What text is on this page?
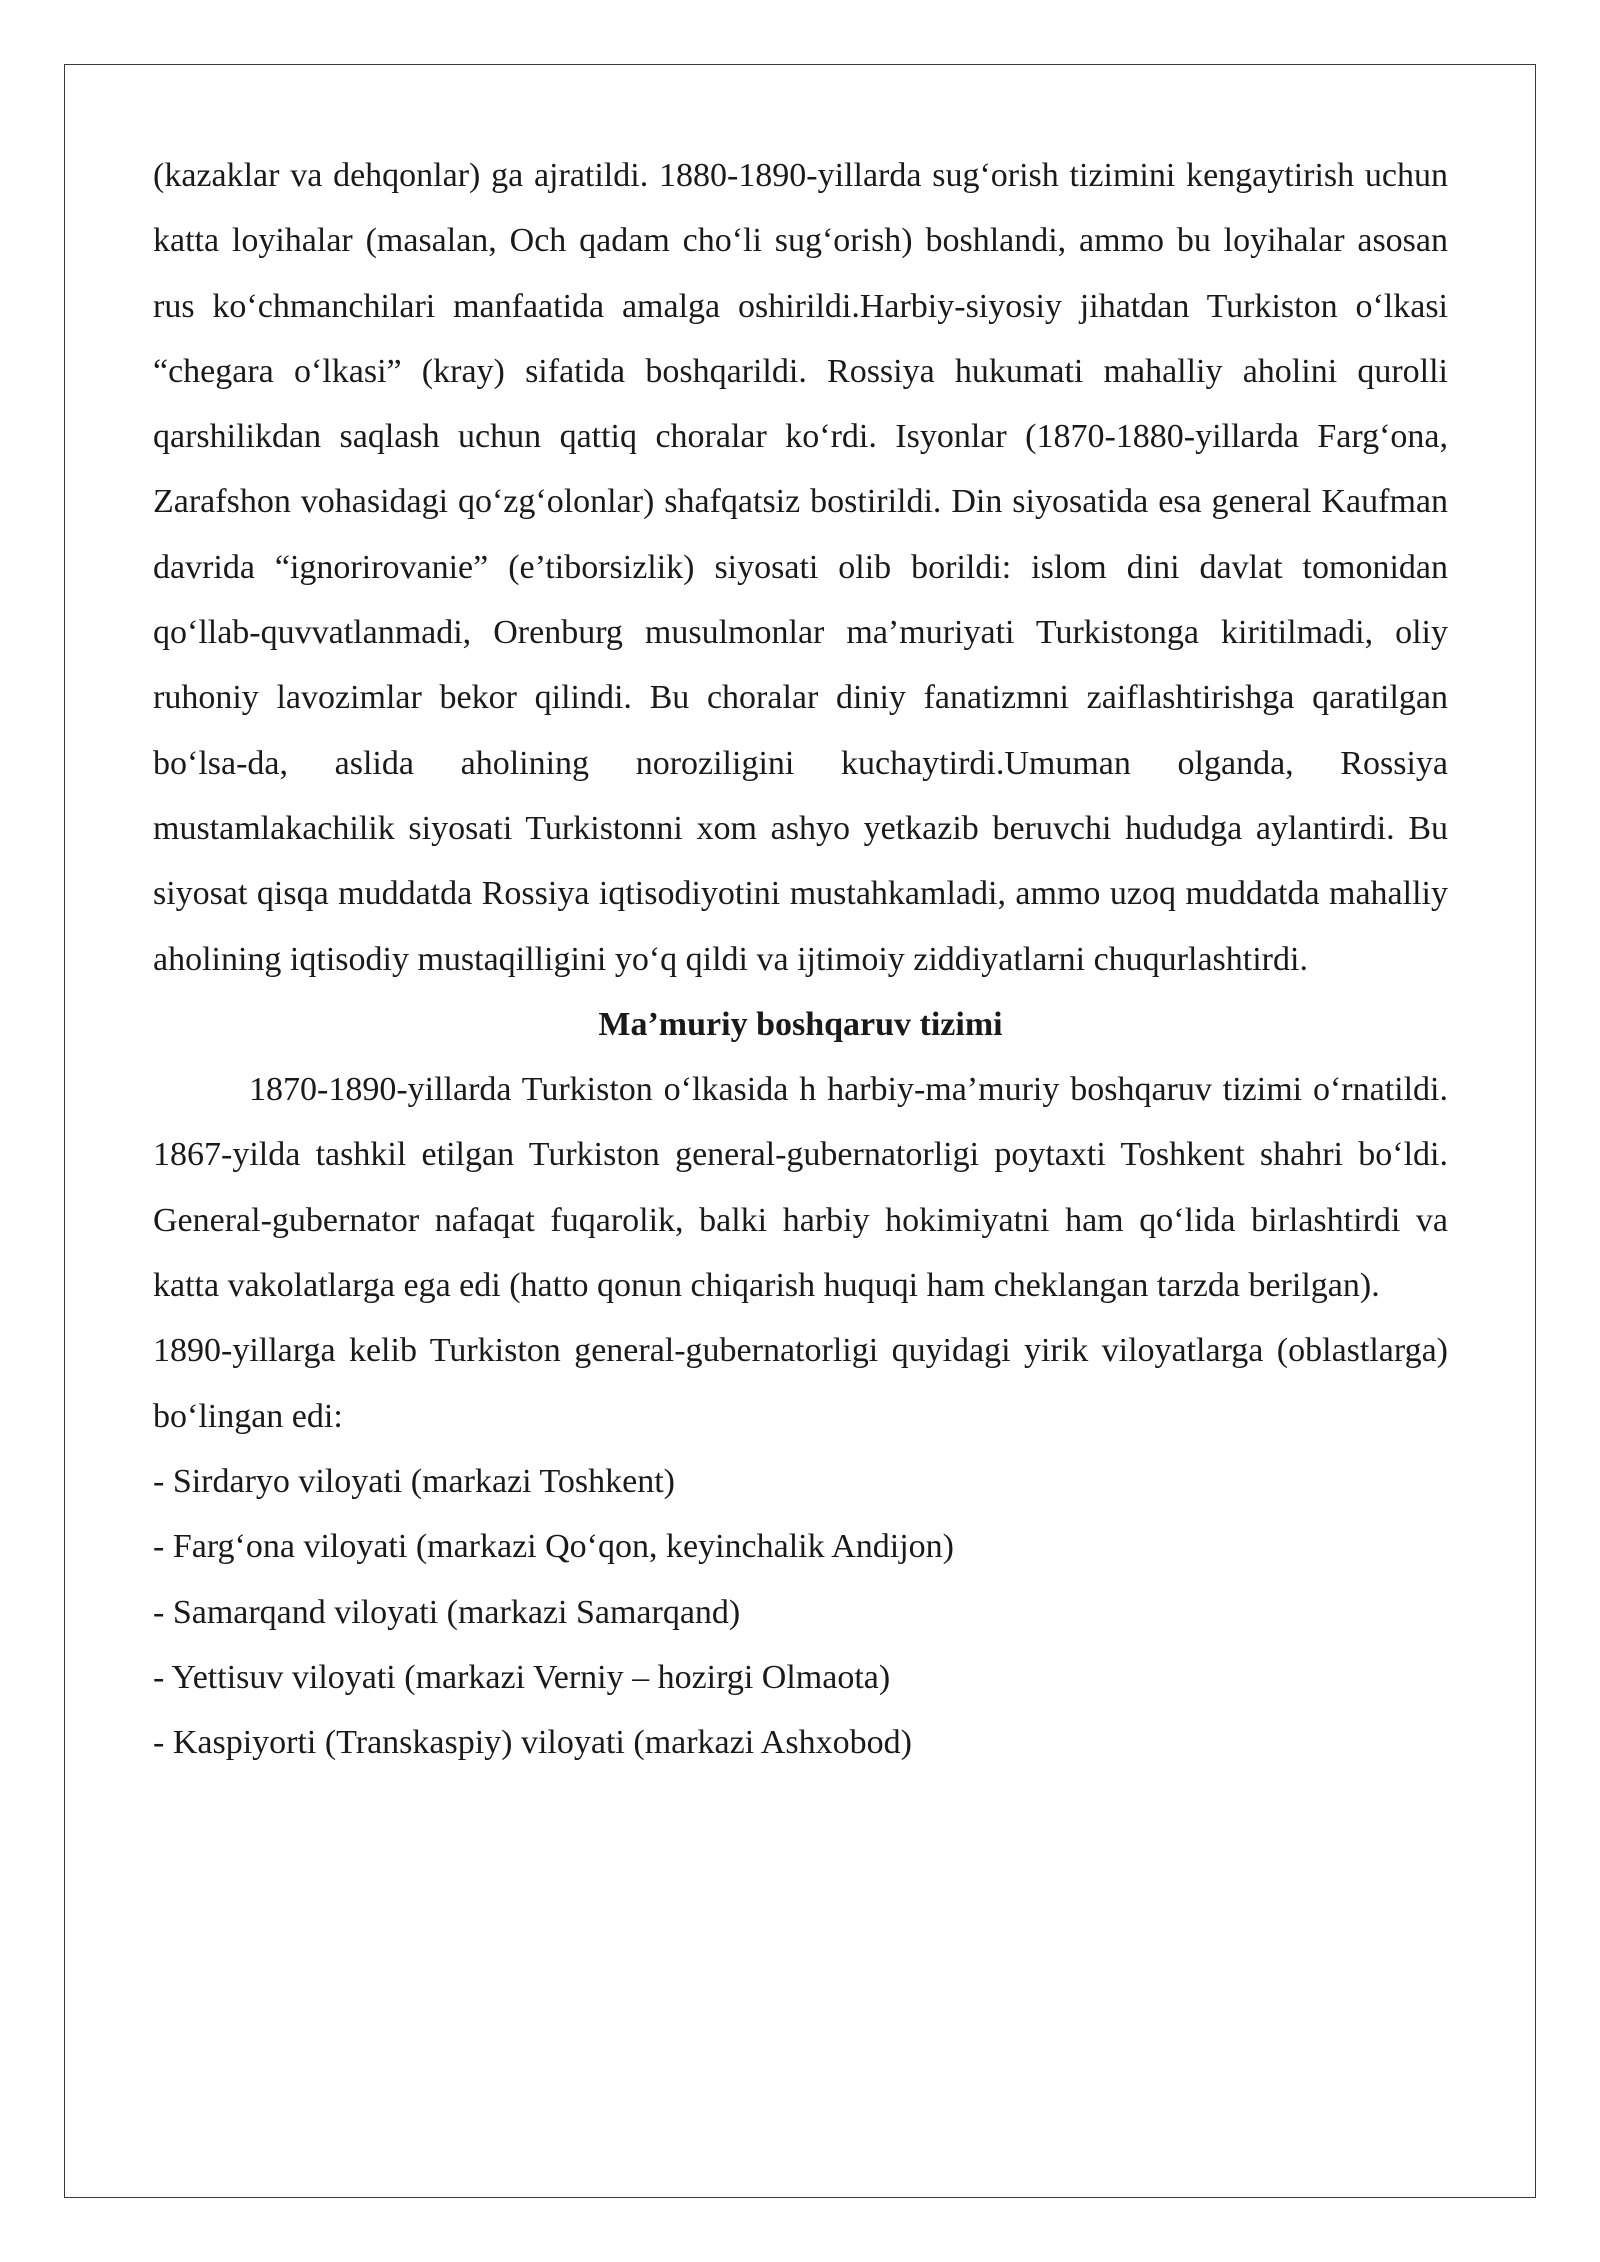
(kazaklar va dehqonlar) ga ajratildi. 1880-1890-yillarda sug‘orish tizimini kengaytirish uchun katta loyihalar (masalan, Och qadam cho‘li sug‘orish) boshlandi, ammo bu loyihalar asosan rus ko‘chmanchilari manfaatida amalga oshirildi.Harbiy-siyosiy jihatdan Turkiston o‘lkasi “chegara o‘lkasi” (kray) sifatida boshqarildi. Rossiya hukumati mahalliy aholini qurolli qarshilikdan saqlash uchun qattiq choralar ko‘rdi. Isyonlar (1870-1880-yillarda Farg‘ona, Zarafshon vohasidagi qo‘zg‘olonlar) shafqatsiz bostirildi. Din siyosatida esa general Kaufman davrida “ignorirovanie” (e’tiborsizlik) siyosati olib borildi: islom dini davlat tomonidan qo‘llab-quvvatlanmadi, Orenburg musulmonlar ma’muriyati Turkistonga kiritilmadi, oliy ruhoniy lavozimlar bekor qilindi. Bu choralar diniy fanatizmni zaiflashtirishga qaratilgan bo‘lsa-da, aslida aholining noroziligini kuchaytirdi.Umuman olganda, Rossiya mustamlakachilik siyosati Turkistonni xom ashyo yetkazib beruvchi hududga aylantirdi. Bu siyosat qisqa muddatda Rossiya iqtisodiyotini mustahkamladi, ammo uzoq muddatda mahalliy aholining iqtisodiy mustaqilligini yo‘q qildi va ijtimoiy ziddiyatlarni chuqurlashtirdi.

Ma’muriy boshqaruv tizimi

1870-1890-yillarda Turkiston o‘lkasida h harbiy-ma’muriy boshqaruv tizimi o‘rnatildi. 1867-yilda tashkil etilgan Turkiston general-gubernatorligi poytaxti Toshkent shahri bo‘ldi. General-gubernator nafaqat fuqarolik, balki harbiy hokimiyatni ham qo‘lida birlashtirdi va katta vakolatlarga ega edi (hatto qonun chiqarish huquqi ham cheklangan tarzda berilgan).

1890-yillarga kelib Turkiston general-gubernatorligi quyidagi yirik viloyatlarga (oblastlarga) bo‘lingan edi:

- Sirdaryo viloyati (markazi Toshkent)
- Farg‘ona viloyati (markazi Qo‘qon, keyinchalik Andijon)
- Samarqand viloyati (markazi Samarqand)
- Yettisuv viloyati (markazi Verniy – hozirgi Olmaota)
- Kaspiyorti (Transkaspiy) viloyati (markazi Ashxobod)
